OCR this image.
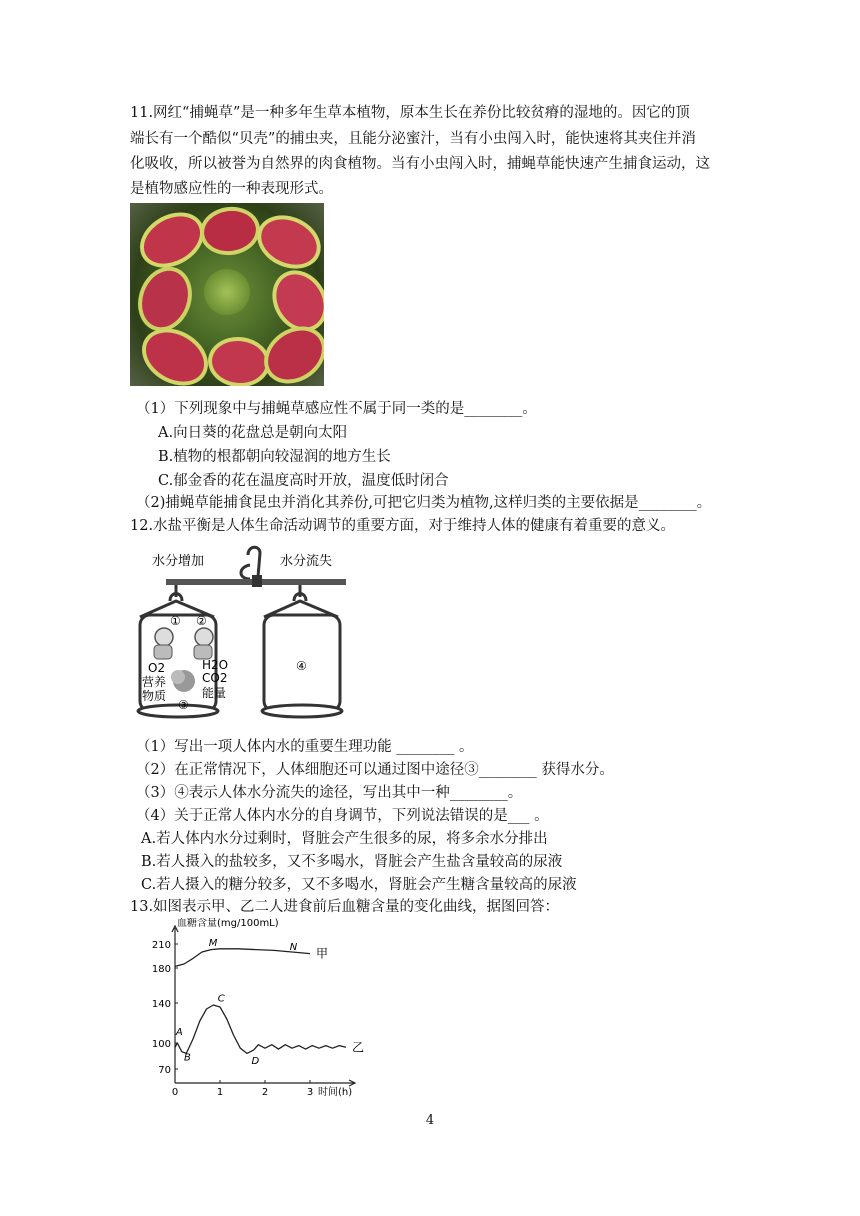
11.网红“捕蝇草”是一种多年生草本植物，原本生长在养份比较贫瘠的湿地的。因它的顶
端长有一个酷似“贝壳”的捕虫夹，且能分泌蜜汁，当有小虫闯入时，能快速将其夹住并消
化吸收，所以被誉为自然界的肉食植物。当有小虫闯入时，捕蝇草能快速产生捕食运动，这
是植物感应性的一种表现形式。
（1）下列现象中与捕蝇草感应性不属于同一类的是________。
A.向日葵的花盘总是朝向太阳
B.植物的根都朝向较湿润的地方生长
C.郁金香的花在温度高时开放，温度低时闭合
（2)捕蝇草能捕食昆虫并消化其养份,可把它归类为植物,这样归类的主要依据是________。
12.水盐平衡是人体生命活动调节的重要方面，对于维持人体的健康有着重要的意义。
水分增加	水分流失
① ②
③
④
O2	H2O
CO2
营养
物质	能量
（1）写出一项人体内水的重要生理功能 ________ 。
（2）在正常情况下，人体细胞还可以通过图中途径③________ 获得水分。
（3）④表示人体水分流失的途径，写出其中一种________。
（4）关于正常人体内水分的自身调节，下列说法错误的是___ 。
A.若人体内水分过剩时，肾脏会产生很多的尿，将多余水分排出
B.若人摄入的盐较多，又不多喝水，肾脏会产生盐含量较高的尿液
C.若人摄入的糖分较多，又不多喝水，肾脏会产生糖含量较高的尿液
13.如图表示甲、乙二人进食前后血糖含量的变化曲线，据图回答：
70
100
140
180
210
0	1	2	3
血糖含量(mg/100mL)
时间(h)
甲
乙
M	N
A
B
C
D
4
